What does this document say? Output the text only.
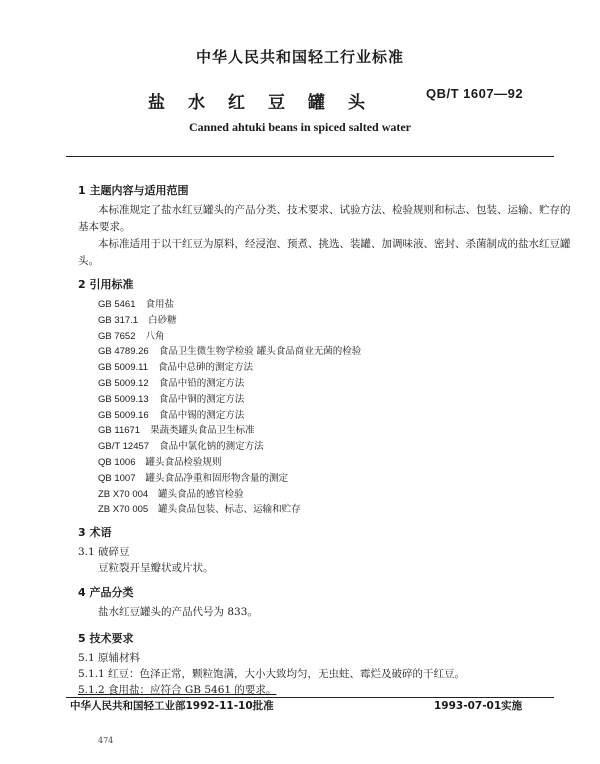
中华人民共和国轻工行业标准
盐水红豆罐头	QB/T 1607—92
Canned ahtuki beans in spiced salted water
1 主题内容与适用范围
本标准规定了盐水红豆罐头的产品分类、技术要求、试验方法、检验规则和标志、包装、运输、贮存的
基本要求。
本标准适用于以干红豆为原料，经浸泡、预煮、挑选、装罐、加调味液、密封、杀菌制成的盐水红豆罐
头。
2 引用标准
GB 5461 食用盐
GB 317.1 白砂糖
GB 7652 八角
GB 4789.26 食品卫生微生物学检验 罐头食品商业无菌的检验
GB 5009.11 食品中总砷的测定方法
GB 5009.12 食品中铅的测定方法
GB 5009.13 食品中铜的测定方法
GB 5009.16 食品中锡的测定方法
GB 11671 果蔬类罐头食品卫生标准
GB/T 12457 食品中氯化钠的测定方法
QB 1006 罐头食品检验规则
QB 1007 罐头食品净重和固形物含量的测定
ZB X70 004 罐头食品的感官检验
ZB X70 005 罐头食品包装、标志、运输和贮存
3 术语
3.1 破碎豆
豆粒裂开呈瓣状或片状。
4 产品分类
盐水红豆罐头的产品代号为 833。
5 技术要求
5.1 原辅材料
5.1.1 红豆：色泽正常，颗粒饱满，大小大致均匀，无虫蛀、霉烂及破碎的干红豆。
5.1.2 食用盐：应符合 GB 5461 的要求。
中华人民共和国轻工业部1992-11-10批准	1993-07-01实施
474
